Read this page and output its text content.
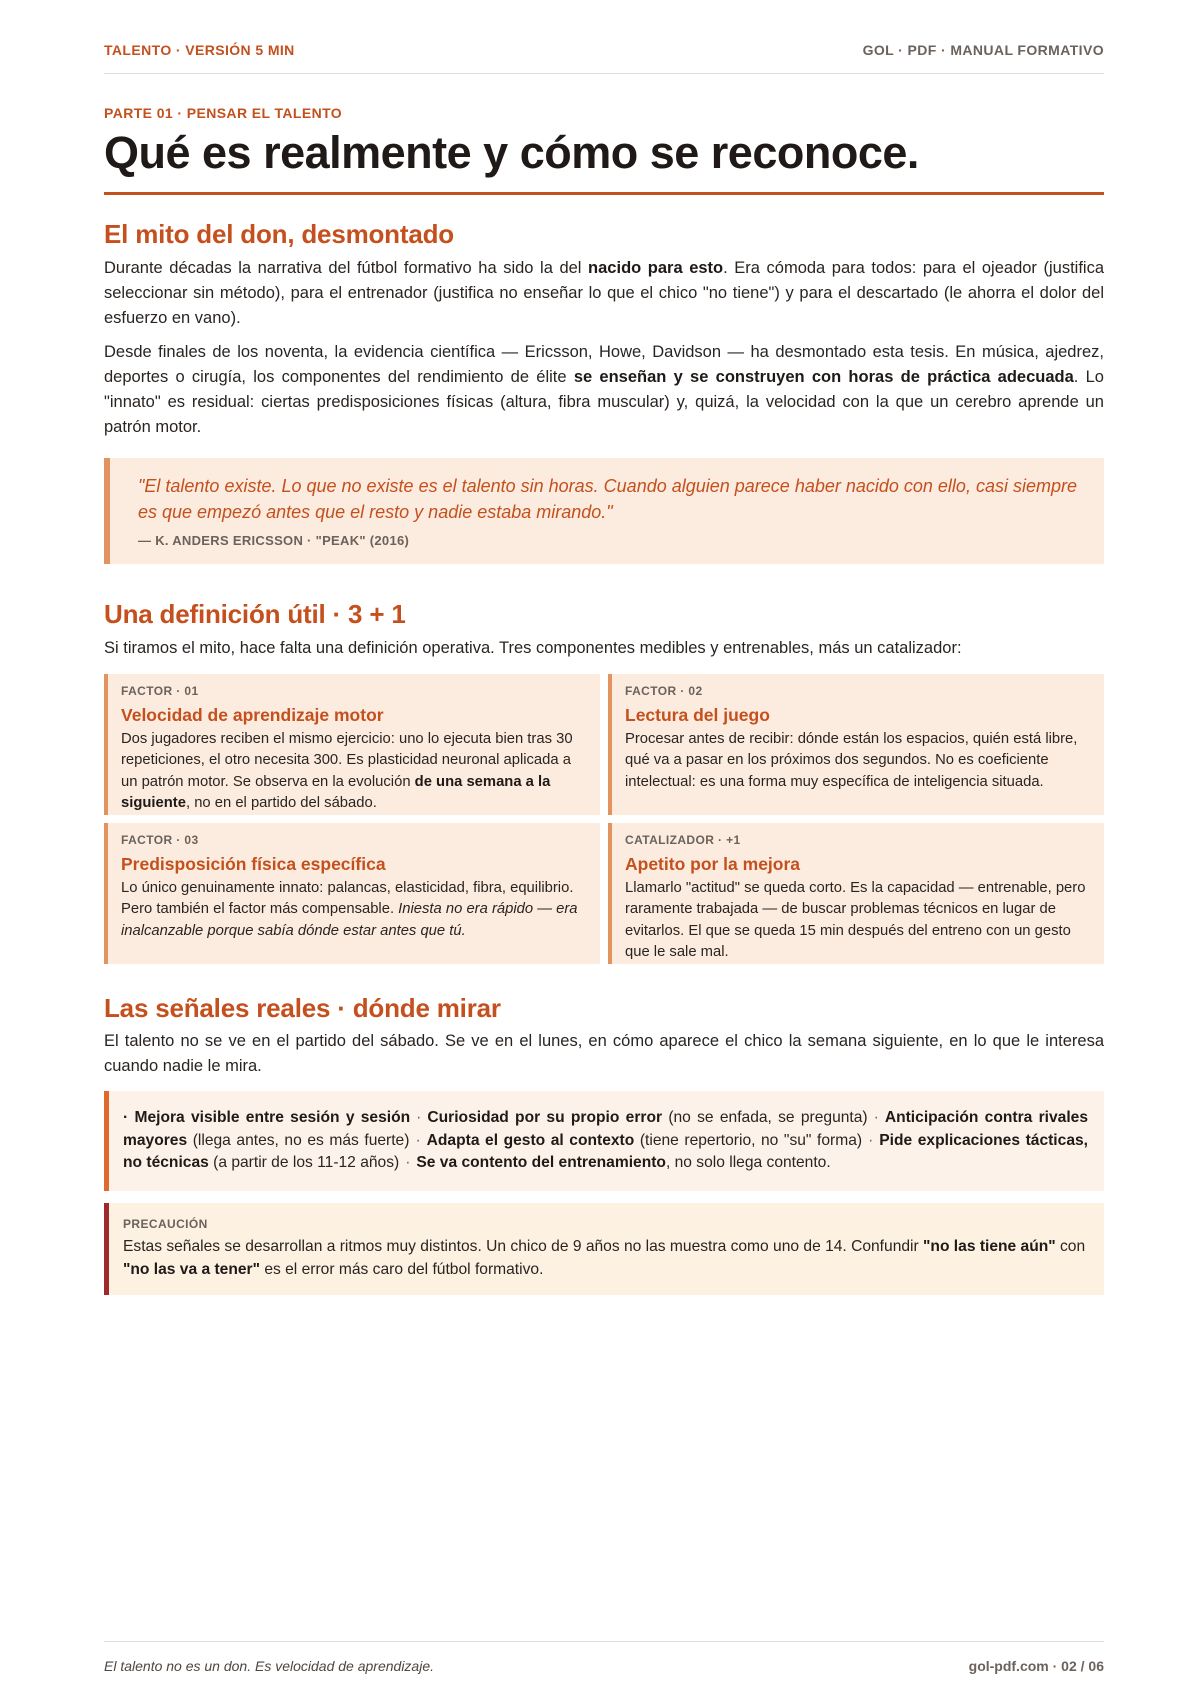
TALENTO · VERSIÓN 5 MIN	GOL · PDF · MANUAL FORMATIVO
PARTE 01 · PENSAR EL TALENTO
Qué es realmente y cómo se reconoce.
El mito del don, desmontado

Durante décadas la narrativa del fútbol formativo ha sido la del nacido para esto. Era cómoda para todos: para el ojeador (justifica seleccionar sin método), para el entrenador (justifica no enseñar lo que el chico "no tiene") y para el descartado (le ahorra el dolor del esfuerzo en vano).

Desde finales de los noventa, la evidencia científica — Ericsson, Howe, Davidson — ha desmontado esta tesis. En música, ajedrez, deportes o cirugía, los componentes del rendimiento de élite se enseñan y se construyen con horas de práctica adecuada. Lo "innato" es residual: ciertas predisposiciones físicas (altura, fibra muscular) y, quizá, la velocidad con la que un cerebro aprende un patrón motor.

"El talento existe. Lo que no existe es el talento sin horas. Cuando alguien parece haber nacido con ello, casi siempre es que empezó antes que el resto y nadie estaba mirando."
— K. ANDERS ERICSSON · "PEAK" (2016)
Una definición útil · 3 + 1

Si tiramos el mito, hace falta una definición operativa. Tres componentes medibles y entrenables, más un catalizador:

FACTOR · 01
Velocidad de aprendizaje motor
Dos jugadores reciben el mismo ejercicio: uno lo ejecuta bien tras 30 repeticiones, el otro necesita 300. Es plasticidad neuronal aplicada a un patrón motor. Se observa en la evolución de una semana a la siguiente, no en el partido del sábado.
FACTOR · 02
Lectura del juego
Procesar antes de recibir: dónde están los espacios, quién está libre, qué va a pasar en los próximos dos segundos. No es coeficiente intelectual: es una forma muy específica de inteligencia situada.
FACTOR · 03
Predisposición física específica
Lo único genuinamente innato: palancas, elasticidad, fibra, equilibrio. Pero también el factor más compensable. Iniesta no era rápido — era inalcanzable porque sabía dónde estar antes que tú.
CATALIZADOR · +1
Apetito por la mejora
Llamarlo "actitud" se queda corto. Es la capacidad — entrenable, pero raramente trabajada — de buscar problemas técnicos en lugar de evitarlos. El que se queda 15 min después del entreno con un gesto que le sale mal.
Las señales reales · dónde mirar

El talento no se ve en el partido del sábado. Se ve en el lunes, en cómo aparece el chico la semana siguiente, en lo que le interesa cuando nadie le mira.

· Mejora visible entre sesión y sesión · Curiosidad por su propio error (no se enfada, se pregunta) · Anticipación contra rivales mayores (llega antes, no es más fuerte) · Adapta el gesto al contexto (tiene repertorio, no "su" forma) · Pide explicaciones tácticas, no técnicas (a partir de los 11-12 años) · Se va contento del entrenamiento, no solo llega contento.
PRECAUCIÓN
Estas señales se desarrollan a ritmos muy distintos. Un chico de 9 años no las muestra como uno de 14. Confundir "no las tiene aún" con "no las va a tener" es el error más caro del fútbol formativo.
El talento no es un don. Es velocidad de aprendizaje.	gol-pdf.com · 02 / 06
